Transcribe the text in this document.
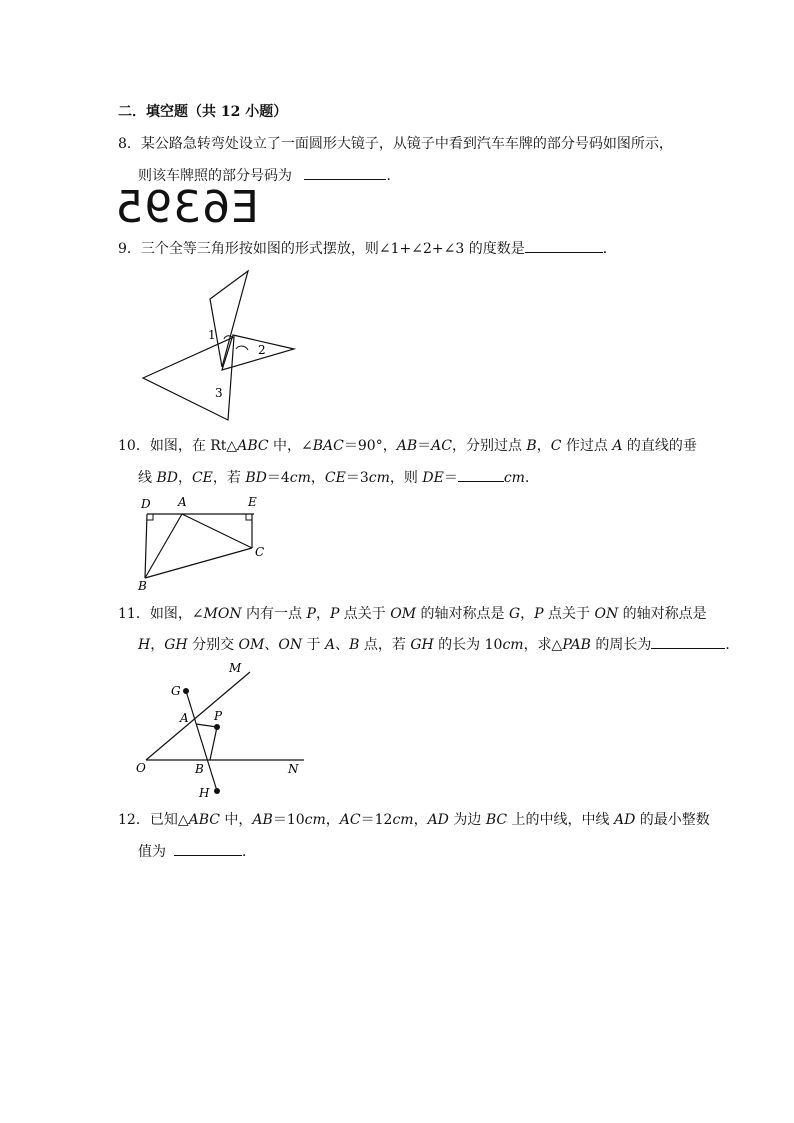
二．填空题（共 12 小题）
8．某公路急转弯处设立了一面圆形大镜子，从镜子中看到汽车车牌的部分号码如图所示，
则该车牌照的部分号码为	．
E6395
9．三个全等三角形按如图的形式摆放，则∠1+∠2+∠3 的度数是	．
1
2
3
10．如图，在 Rt△ABC 中，∠BAC＝90°，AB＝AC，分别过点 B，C 作过点 A 的直线的垂
线 BD，CE，若 BD＝4cm，CE＝3cm，则 DE＝	cm．
D A	E
C
B
11．如图，∠MON 内有一点 P，P 点关于 OM 的轴对称点是 G，P 点关于 ON 的轴对称点是
H，GH 分别交 OM、ON 于 A、B 点，若 GH 的长为 10cm，求△PAB 的周长为	．
M
G
A P
O	B	N
H
12．已知△ABC 中，AB＝10cm，AC＝12cm，AD 为边 BC 上的中线，中线 AD 的最小整数
值为	．
